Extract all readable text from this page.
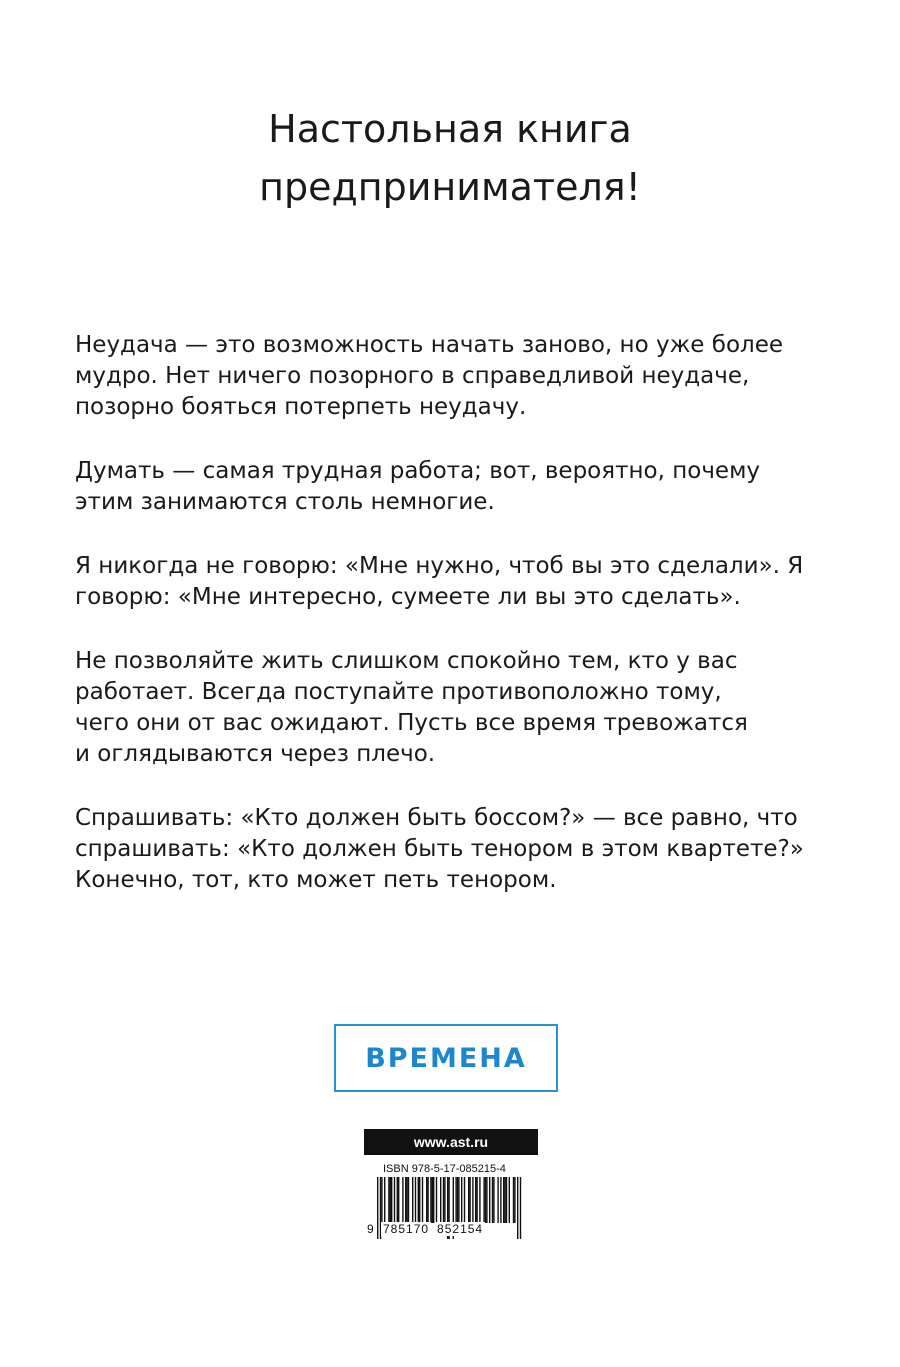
Настольная книга
предпринимателя!

Неудача — это возможность начать заново, но уже более
мудро. Нет ничего позорного в справедливой неудаче,
позорно бояться потерпеть неудачу.

Думать — самая трудная работа; вот, вероятно, почему
этим занимаются столь немногие.

Я никогда не говорю: «Мне нужно, чтоб вы это сделали». Я
говорю: «Мне интересно, сумеете ли вы это сделать».

Не позволяйте жить слишком спокойно тем, кто у вас
работает. Всегда поступайте противоположно тому,
чего они от вас ожидают. Пусть все время тревожатся
и оглядываются через плечо.

Спрашивать: «Кто должен быть боссом?» — все равно, что
спрашивать: «Кто должен быть тенором в этом квартете?»
Конечно, тот, кто может петь тенором.

ВРЕМЕНА
www.ast.ru
ISBN 978-5-17-085215-4
9 785170 852154
